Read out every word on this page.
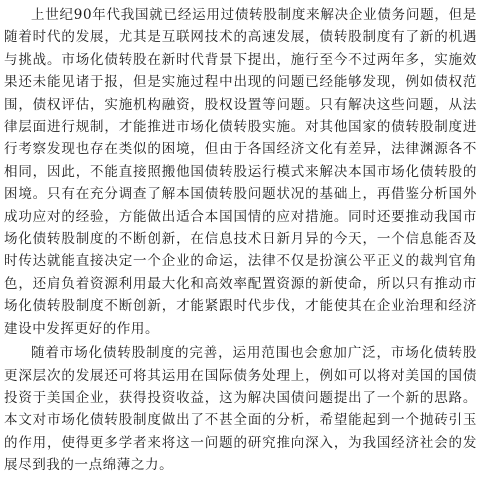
上世纪90年代我国就已经运用过债转股制度来解决企业债务问题，但是随着时代的发展，尤其是互联网技术的高速发展，债转股制度有了新的机遇与挑战。市场化债转股在新时代背景下提出，施行至今不过两年多，实施效果还未能见诸于报，但是实施过程中出现的问题已经能够发现，例如债权范围，债权评估，实施机构融资，股权设置等问题。只有解决这些问题，从法律层面进行规制，才能推进市场化债转股实施。对其他国家的债转股制度进行考察发现也存在类似的困境，但由于各国经济文化有差异，法律渊源各不相同，因此，不能直接照搬他国债转股运行模式来解决本国市场化债转股的困境。只有在充分调查了解本国债转股问题状况的基础上，再借鉴分析国外成功应对的经验，方能做出适合本国国情的应对措施。同时还要推动我国市场化债转股制度的不断创新，在信息技术日新月异的今天，一个信息能否及时传达就能直接决定一个企业的命运，法律不仅是扮演公平正义的裁判官角色，还肩负着资源利用最大化和高效率配置资源的新使命，所以只有推动市场化债转股制度不断创新，才能紧跟时代步伐，才能使其在企业治理和经济建设中发挥更好的作用。

随着市场化债转股制度的完善，运用范围也会愈加广泛，市场化债转股更深层次的发展还可将其运用在国际债务处理上，例如可以将对美国的国债投资于美国企业，获得投资收益，这为解决国债问题提出了一个新的思路。本文对市场化债转股制度做出了不甚全面的分析，希望能起到一个抛砖引玉的作用，使得更多学者来将这一问题的研究推向深入，为我国经济社会的发展尽到我的一点绵薄之力。
